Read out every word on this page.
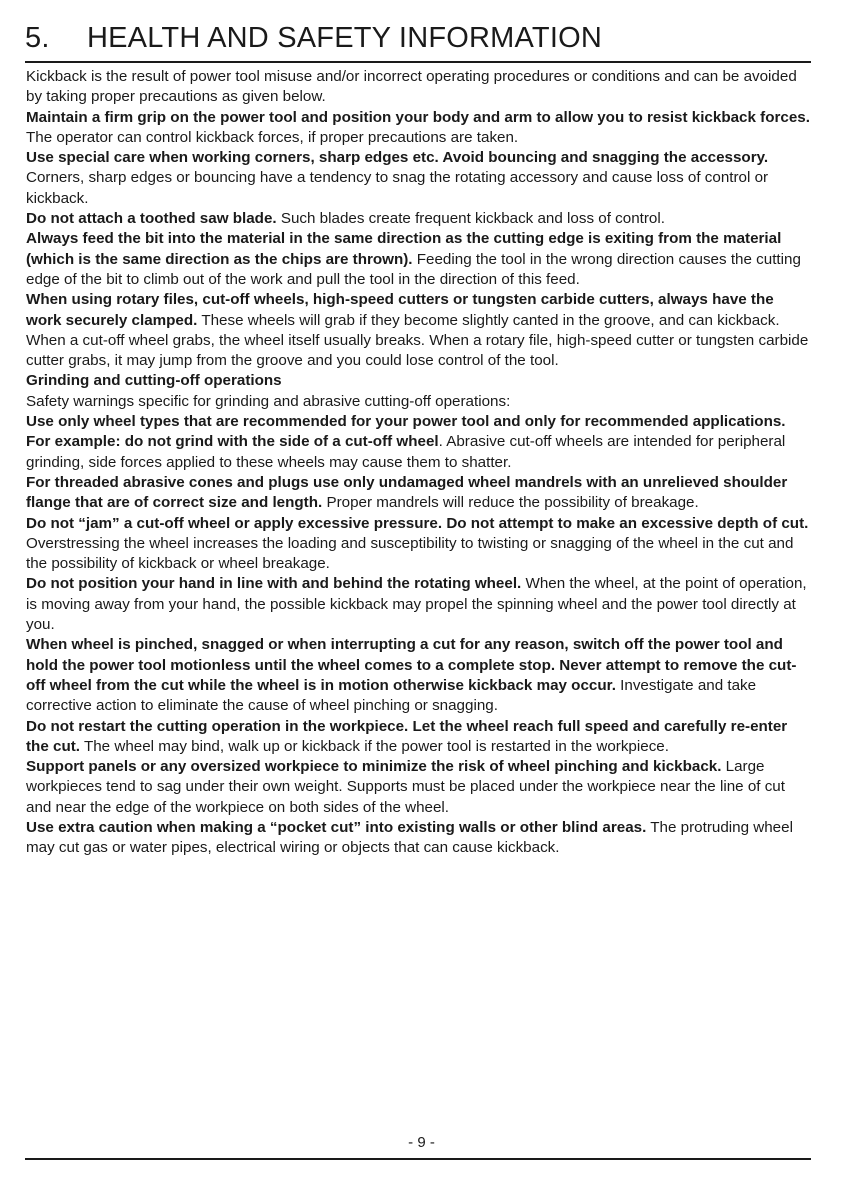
5. HEALTH AND SAFETY INFORMATION

Kickback is the result of power tool misuse and/or incorrect operating procedures or conditions and can be avoided by taking proper precautions as given below.

Maintain a firm grip on the power tool and position your body and arm to allow you to resist kickback forces. The operator can control kickback forces, if proper precautions are taken.

Use special care when working corners, sharp edges etc. Avoid bouncing and snagging the accessory. Corners, sharp edges or bouncing have a tendency to snag the rotating accessory and cause loss of control or kickback.

Do not attach a toothed saw blade. Such blades create frequent kickback and loss of control.

Always feed the bit into the material in the same direction as the cutting edge is exiting from the material (which is the same direction as the chips are thrown). Feeding the tool in the wrong direction causes the cutting edge of the bit to climb out of the work and pull the tool in the direction of this feed.

When using rotary files, cut-off wheels, high-speed cutters or tungsten carbide cutters, always have the work securely clamped. These wheels will grab if they become slightly canted in the groove, and can kickback. When a cut-off wheel grabs, the wheel itself usually breaks. When a rotary file, high-speed cutter or tungsten carbide cutter grabs, it may jump from the groove and you could lose control of the tool.

Grinding and cutting-off operations

Safety warnings specific for grinding and abrasive cutting-off operations:

Use only wheel types that are recommended for your power tool and only for recommended applications. For example: do not grind with the side of a cut-off wheel. Abrasive cut-off wheels are intended for peripheral grinding, side forces applied to these wheels may cause them to shatter.

For threaded abrasive cones and plugs use only undamaged wheel mandrels with an unrelieved shoulder flange that are of correct size and length. Proper mandrels will reduce the possibility of breakage.

Do not “jam” a cut-off wheel or apply excessive pressure. Do not attempt to make an excessive depth of cut. Overstressing the wheel increases the loading and susceptibility to twisting or snagging of the wheel in the cut and the possibility of kickback or wheel breakage.

Do not position your hand in line with and behind the rotating wheel. When the wheel, at the point of operation, is moving away from your hand, the possible kickback may propel the spinning wheel and the power tool directly at you.

When wheel is pinched, snagged or when interrupting a cut for any reason, switch off the power tool and hold the power tool motionless until the wheel comes to a complete stop. Never attempt to remove the cut-off wheel from the cut while the wheel is in motion otherwise kickback may occur. Investigate and take corrective action to eliminate the cause of wheel pinching or snagging.

Do not restart the cutting operation in the workpiece. Let the wheel reach full speed and carefully re-enter the cut. The wheel may bind, walk up or kickback if the power tool is restarted in the workpiece.

Support panels or any oversized workpiece to minimize the risk of wheel pinching and kickback. Large workpieces tend to sag under their own weight. Supports must be placed under the workpiece near the line of cut and near the edge of the workpiece on both sides of the wheel.

Use extra caution when making a “pocket cut” into existing walls or other blind areas. The protruding wheel may cut gas or water pipes, electrical wiring or objects that can cause kickback.

- 9 -
